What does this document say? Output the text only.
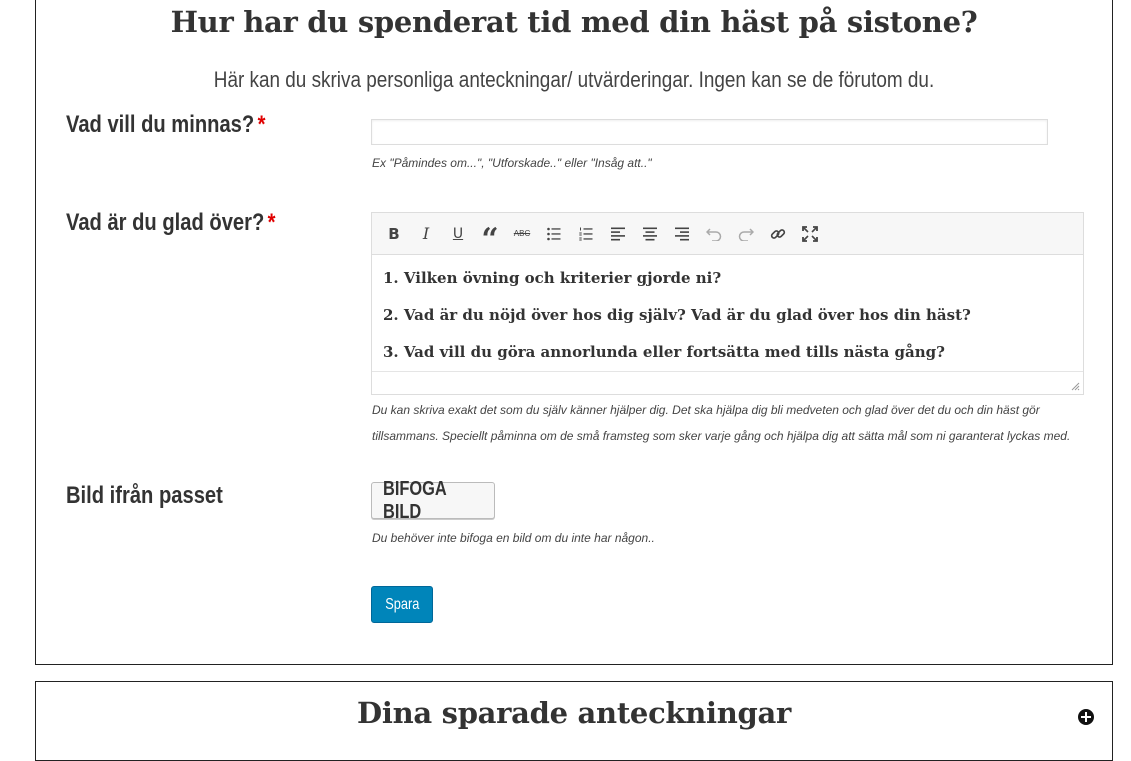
Hur har du spenderat tid med din häst på sistone?
Här kan du skriva personliga anteckningar/ utvärderingar. Ingen kan se de förutom du.
Vad vill du minnas? *
Ex "Påmindes om...", "Utforskade.." eller "Insåg att.."
Vad är du glad över? *	B I U “ ABC

1. Vilken övning och kriterier gjorde ni?

2. Vad är du nöjd över hos dig själv? Vad är du glad över hos din häst?

3. Vad vill du göra annorlunda eller fortsätta med tills nästa gång?

Du kan skriva exakt det som du själv känner hjälper dig. Det ska hjälpa dig bli medveten och glad över det du och din häst gör tillsammans. Speciellt påminna om de små framsteg som sker varje gång och hjälpa dig att sätta mål som ni garanterat lyckas med.
Bild ifrån passet	BIFOGA BILD
Du behöver inte bifoga en bild om du inte har någon..
Spara
Dina sparade anteckningar
